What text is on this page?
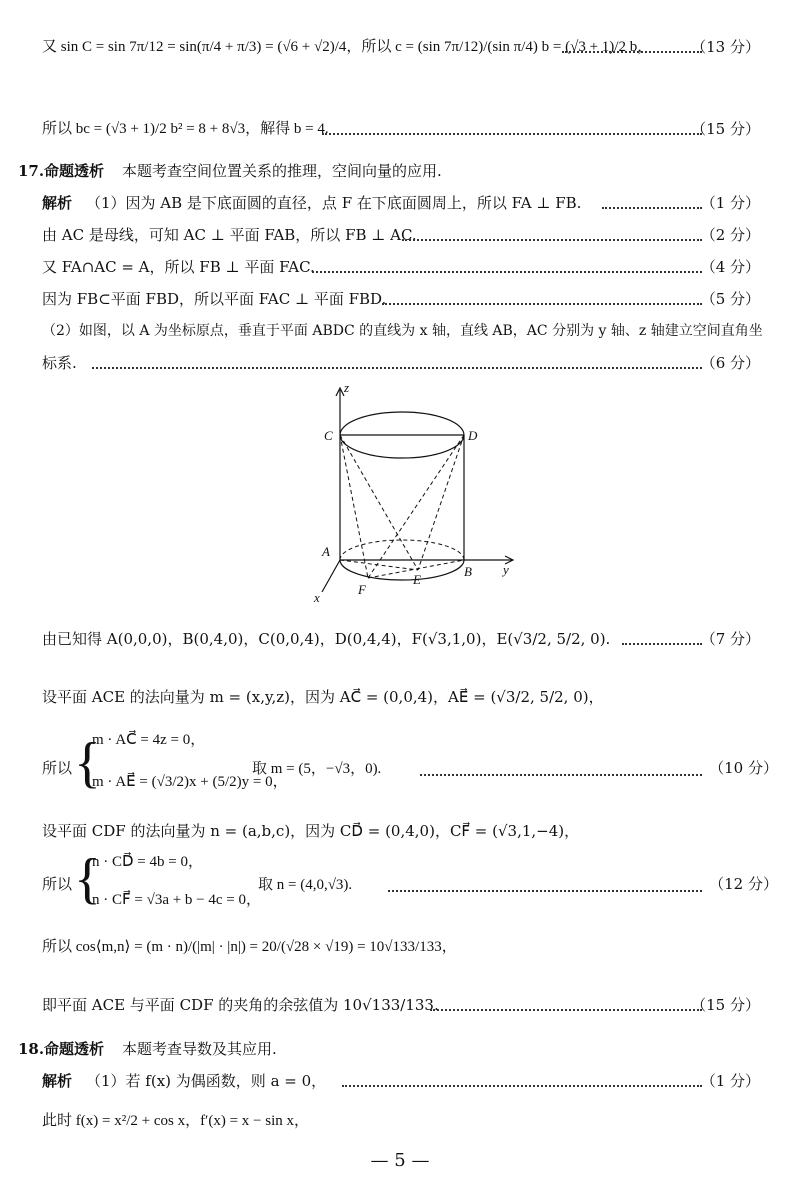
又 sin C = sin 7π/12 = sin(π/4 + π/3) = (√6 + √2)/4，所以 c = (sin 7π/12)/(sin π/4) b = (√3 + 1)/2 b，	（13 分）
所以 bc = (√3 + 1)/2 b² = 8 + 8√3，解得 b = 4.	（15 分）
17. 命题透析 本题考查空间位置关系的推理，空间向量的应用.
解析 （1）因为 AB 是下底面圆的直径，点 F 在下底面圆周上，所以 FA ⊥ FB.	（1 分）
由 AC 是母线，可知 AC ⊥ 平面 FAB，所以 FB ⊥ AC.	（2 分）
又 FA∩AC = A，所以 FB ⊥ 平面 FAC.	（4 分）
因为 FB⊂平面 FBD，所以平面 FAC ⊥ 平面 FBD.	（5 分）
（2）如图，以 A 为坐标原点，垂直于平面 ABDC 的直线为 x 轴，直线 AB，AC 分别为 y 轴、z 轴建立空间直角坐
标系.	（6 分）
z
y
x
A
B
C	D
E
F
由已知得 A(0,0,0)，B(0,4,0)，C(0,0,4)，D(0,4,4)，F(√3,1,0)，E(√3/2, 5/2, 0).	（7 分）
设平面 ACE 的法向量为 m = (x,y,z)，因为 AC⃗ = (0,0,4)，AE⃗ = (√3/2, 5/2, 0)，
所以 {
m · AC⃗ = 4z = 0，
m · AE⃗ = (√3/2)x + (5/2)y = 0，
取 m = (5，−√3，0).	（10 分）
设平面 CDF 的法向量为 n = (a,b,c)，因为 CD⃗ = (0,4,0)，CF⃗ = (√3,1,−4)，
所以 {
n · CD⃗ = 4b = 0，
n · CF⃗ = √3a + b − 4c = 0，
取 n = (4,0,√3).	（12 分）
所以 cos⟨m,n⟩ = (m · n)/(|m| · |n|) = 20/(√28 × √19) = 10√133/133，
即平面 ACE 与平面 CDF 的夹角的余弦值为 10√133/133.	（15 分）
18. 命题透析 本题考查导数及其应用.
解析 （1）若 f(x) 为偶函数，则 a = 0，	（1 分）
此时 f(x) = x²/2 + cos x，f′(x) = x − sin x，
— 5 —
